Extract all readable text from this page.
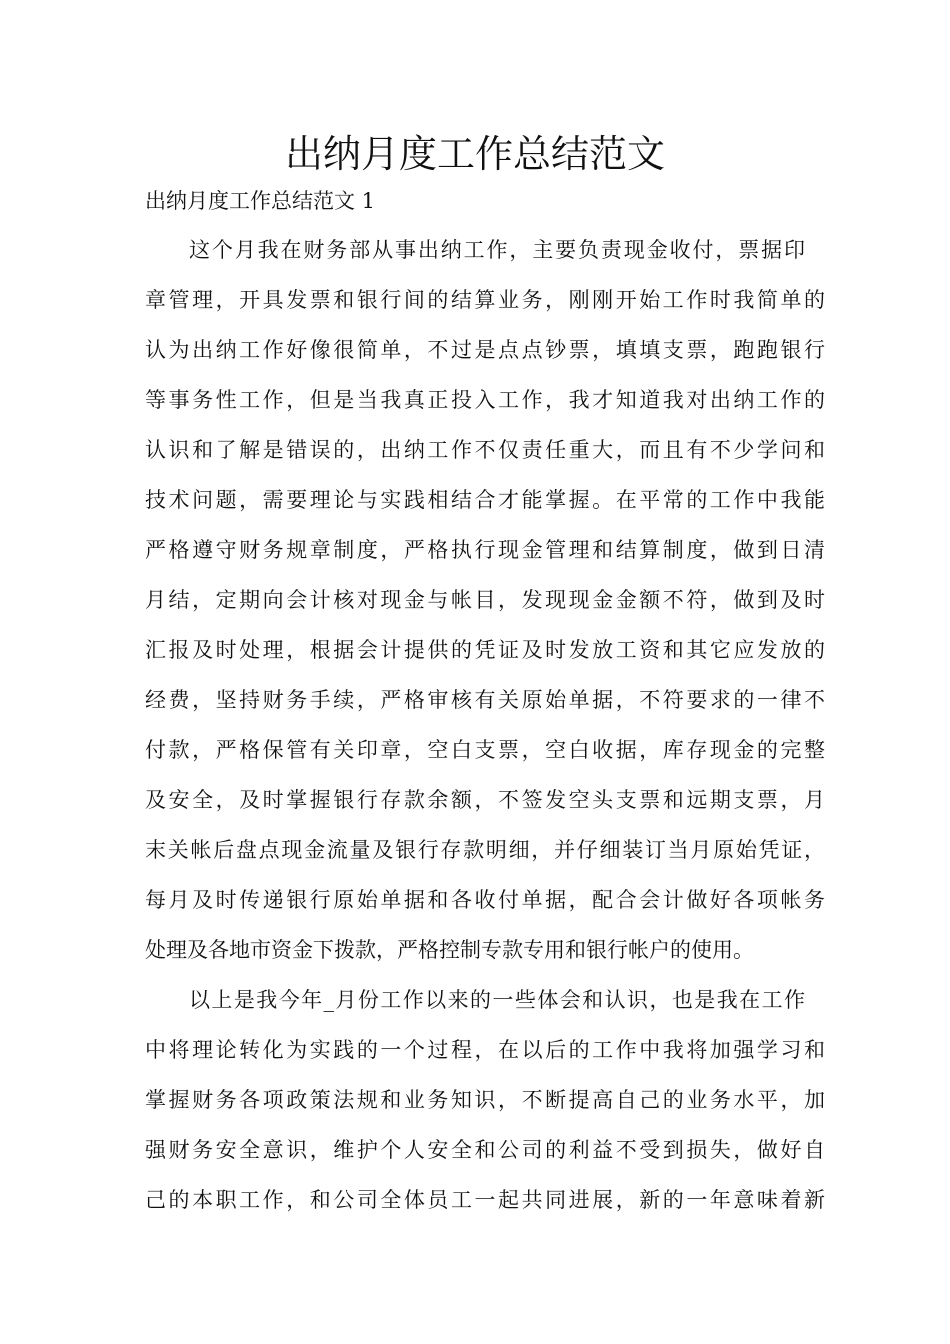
出纳月度工作总结范文

出纳月度工作总结范文 1

这个月我在财务部从事出纳工作，主要负责现金收付，票据印

章管理，开具发票和银行间的结算业务，刚刚开始工作时我简单的

认为出纳工作好像很简单，不过是点点钞票，填填支票，跑跑银行

等事务性工作，但是当我真正投入工作，我才知道我对出纳工作的

认识和了解是错误的，出纳工作不仅责任重大，而且有不少学问和

技术问题，需要理论与实践相结合才能掌握。在平常的工作中我能

严格遵守财务规章制度，严格执行现金管理和结算制度，做到日清

月结，定期向会计核对现金与帐目，发现现金金额不符，做到及时

汇报及时处理，根据会计提供的凭证及时发放工资和其它应发放的

经费，坚持财务手续，严格审核有关原始单据，不符要求的一律不

付款，严格保管有关印章，空白支票，空白收据，库存现金的完整

及安全，及时掌握银行存款余额，不签发空头支票和远期支票，月

末关帐后盘点现金流量及银行存款明细，并仔细装订当月原始凭证，

每月及时传递银行原始单据和各收付单据，配合会计做好各项帐务

处理及各地市资金下拨款，严格控制专款专用和银行帐户的使用。

以上是我今年_月份工作以来的一些体会和认识，也是我在工作

中将理论转化为实践的一个过程，在以后的工作中我将加强学习和

掌握财务各项政策法规和业务知识，不断提高自己的业务水平，加

强财务安全意识，维护个人安全和公司的利益不受到损失，做好自

己的本职工作，和公司全体员工一起共同进展，新的一年意味着新
